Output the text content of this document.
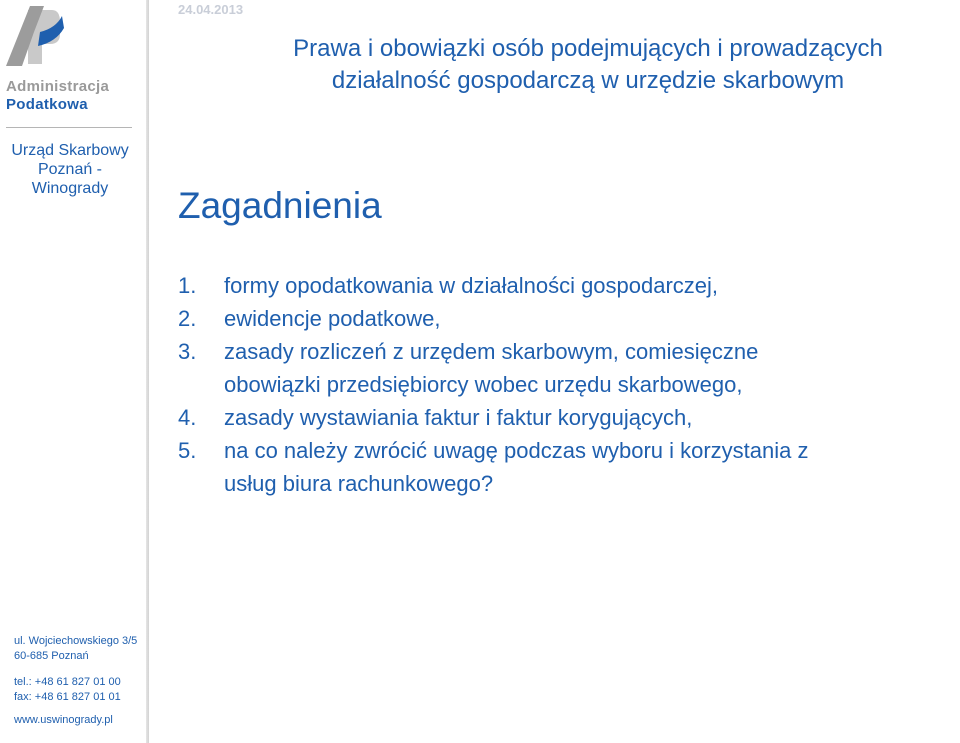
Administracja
Podatkowa
Urząd Skarbowy
Poznań -
Winogrady
ul. Wojciechowskiego 3/5
60-685 Poznań
tel.: +48 61 827 01 00
fax: +48 61 827 01 01
www.uswinogrady.pl
24.04.2013
Prawa i obowiązki osób podejmujących i prowadzących
działalność gospodarczą w urzędzie skarbowym
Zagadnienia
1. formy opodatkowania w działalności gospodarczej,
2. ewidencje podatkowe,
3. zasady rozliczeń z urzędem skarbowym, comiesięczne
obowiązki przedsiębiorcy wobec urzędu skarbowego,
4. zasady wystawiania faktur i faktur korygujących,
5. na co należy zwrócić uwagę podczas wyboru i korzystania z
usług biura rachunkowego?
